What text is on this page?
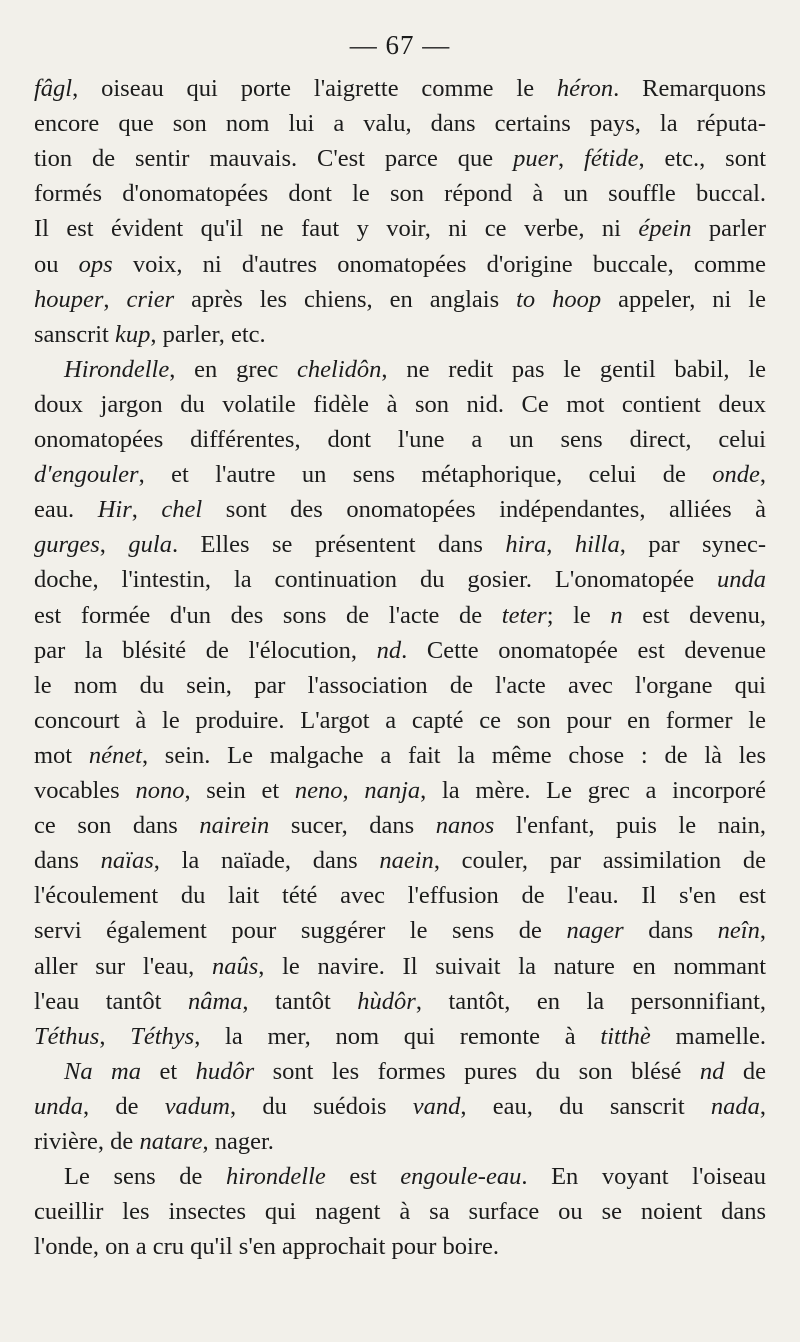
— 67 —
fâgl, oiseau qui porte l'aigrette comme le héron. Remarquons
encore que son nom lui a valu, dans certains pays, la réputa-
tion de sentir mauvais. C'est parce que puer, fétide, etc., sont
formés d'onomatopées dont le son répond à un souffle buccal.
Il est évident qu'il ne faut y voir, ni ce verbe, ni épein parler
ou ops voix, ni d'autres onomatopées d'origine buccale, comme
houper, crier après les chiens, en anglais to hoop appeler, ni le
sanscrit kup, parler, etc.
Hirondelle, en grec chelidôn, ne redit pas le gentil babil, le
doux jargon du volatile fidèle à son nid. Ce mot contient deux
onomatopées différentes, dont l'une a un sens direct, celui
d'engouler, et l'autre un sens métaphorique, celui de onde,
eau. Hir, chel sont des onomatopées indépendantes, alliées à
gurges, gula. Elles se présentent dans hira, hilla, par synec-
doche, l'intestin, la continuation du gosier. L'onomatopée unda
est formée d'un des sons de l'acte de teter; le n est devenu,
par la blésité de l'élocution, nd. Cette onomatopée est devenue
le nom du sein, par l'association de l'acte avec l'organe qui
concourt à le produire. L'argot a capté ce son pour en former le
mot nénet, sein. Le malgache a fait la même chose : de là les
vocables nono, sein et neno, nanja, la mère. Le grec a incorporé
ce son dans nairein sucer, dans nanos l'enfant, puis le nain,
dans naïas, la naïade, dans naein, couler, par assimilation de
l'écoulement du lait tété avec l'effusion de l'eau. Il s'en est
servi également pour suggérer le sens de nager dans neîn,
aller sur l'eau, naûs, le navire. Il suivait la nature en nommant
l'eau tantôt nâma, tantôt hùdôr, tantôt, en la personnifiant,
Téthus, Téthys, la mer, nom qui remonte à titthè mamelle.
Na ma et hudôr sont les formes pures du son blésé nd de
unda, de vadum, du suédois vand, eau, du sanscrit nada,
rivière, de natare, nager.
Le sens de hirondelle est engoule-eau. En voyant l'oiseau
cueillir les insectes qui nagent à sa surface ou se noient dans
l'onde, on a cru qu'il s'en approchait pour boire.
